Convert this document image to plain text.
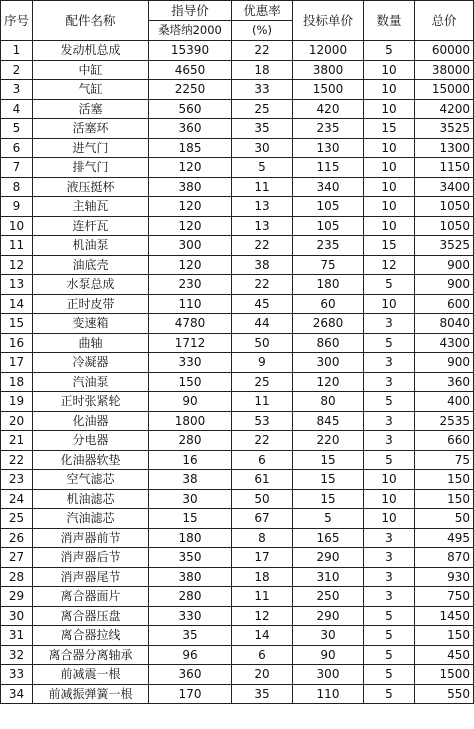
序号	配件名称	指导价	优惠率	投标单价	数量	总价
		桑塔纳2000	(%)			
1	发动机总成	15390	22	12000	5	60000
2	中缸	4650	18	3800	10	38000
3	气缸	2250	33	1500	10	15000
4	活塞	560	25	420	10	4200
5	活塞环	360	35	235	15	3525
6	进气门	185	30	130	10	1300
7	排气门	120	5	115	10	1150
8	液压挺杯	380	11	340	10	3400
9	主轴瓦	120	13	105	10	1050
10	连杆瓦	120	13	105	10	1050
11	机油泵	300	22	235	15	3525
12	油底壳	120	38	75	12	900
13	水泵总成	230	22	180	5	900
14	正时皮带	110	45	60	10	600
15	变速箱	4780	44	2680	3	8040
16	曲轴	1712	50	860	5	4300
17	冷凝器	330	9	300	3	900
18	汽油泵	150	25	120	3	360
19	正时张紧轮	90	11	80	5	400
20	化油器	1800	53	845	3	2535
21	分电器	280	22	220	3	660
22	化油器软垫	16	6	15	5	75
23	空气滤芯	38	61	15	10	150
24	机油滤芯	30	50	15	10	150
25	汽油滤芯	15	67	5	10	50
26	消声器前节	180	8	165	3	495
27	消声器后节	350	17	290	3	870
28	消声器尾节	380	18	310	3	930
29	离合器面片	280	11	250	3	750
30	离合器压盘	330	12	290	5	1450
31	离合器拉线	35	14	30	5	150
32	离合器分离轴承	96	6	90	5	450
33	前减震一根	360	20	300	5	1500
34	前减振弹簧一根	170	35	110	5	550
